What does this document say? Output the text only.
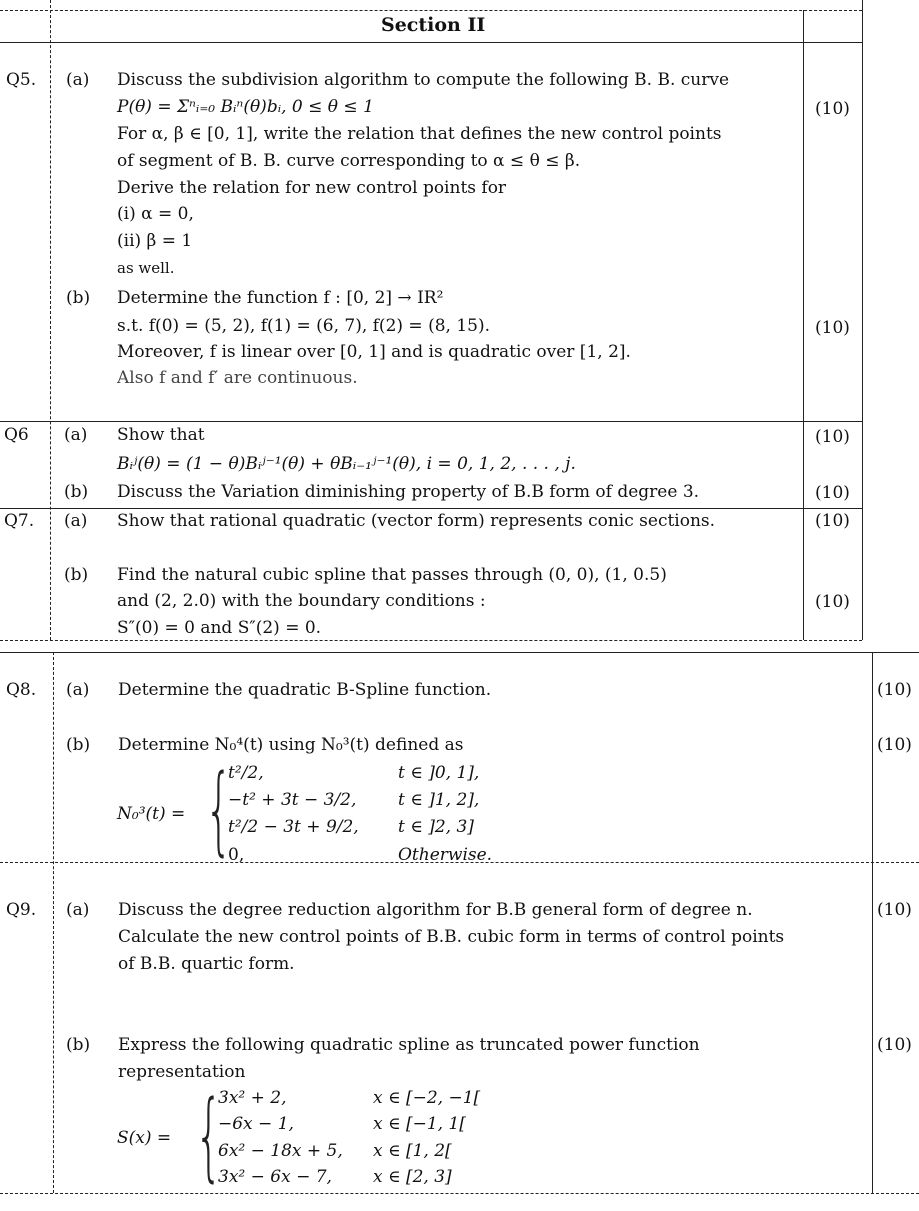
Section II
Q5. (a) Discuss the subdivision algorithm to compute the following B. B. curve
P(θ) = Σⁿᵢ₌₀ Bᵢⁿ(θ)bᵢ, 0 ≤ θ ≤ 1
For α, β ∈ [0, 1], write the relation that defines the new control points
of segment of B. B. curve corresponding to α ≤ θ ≤ β.
Derive the relation for new control points for
(i) α = 0,
(ii) β = 1
as well.
(10)
(b) Determine the function f : [0, 2] → IR²
s.t. f(0) = (5, 2), f(1) = (6, 7), f(2) = (8, 15).
Moreover, f is linear over [0, 1] and is quadratic over [1, 2].
Also f and f′ are continuous.
(10)
Q6 (a) Show that
Bᵢʲ(θ) = (1 − θ)Bᵢʲ⁻¹(θ) + θBᵢ₋₁ʲ⁻¹(θ), i = 0, 1, 2, . . . , j.
(10)
(b) Discuss the Variation diminishing property of B.B form of degree 3.	(10)
Q7. (a) Show that rational quadratic (vector form) represents conic sections.	(10)
(b) Find the natural cubic spline that passes through (0, 0), (1, 0.5)
and (2, 2.0) with the boundary conditions :
S″(0) = 0 and S″(2) = 0.
(10)
Q8. (a) Determine the quadratic B-Spline function.	(10)
(b) Determine N₀⁴(t) using N₀³(t) defined as	(10)
N₀³(t) = {
t²/2,	t ∈ ]0, 1],
−t² + 3t − 3/2, t ∈ ]1, 2],
t²/2 − 3t + 9/2, t ∈ ]2, 3]
0,	Otherwise.
Q9. (a) Discuss the degree reduction algorithm for B.B general form of degree n.
Calculate the new control points of B.B. cubic form in terms of control points
of B.B. quartic form.
(10)
(b) Express the following quadratic spline as truncated power function
representation
(10)
S(x) = {
3x² + 2,	x ∈ [−2, −1[
−6x − 1,	x ∈ [−1, 1[
6x² − 18x + 5, x ∈ [1, 2[
3x² − 6x − 7, x ∈ [2, 3]
